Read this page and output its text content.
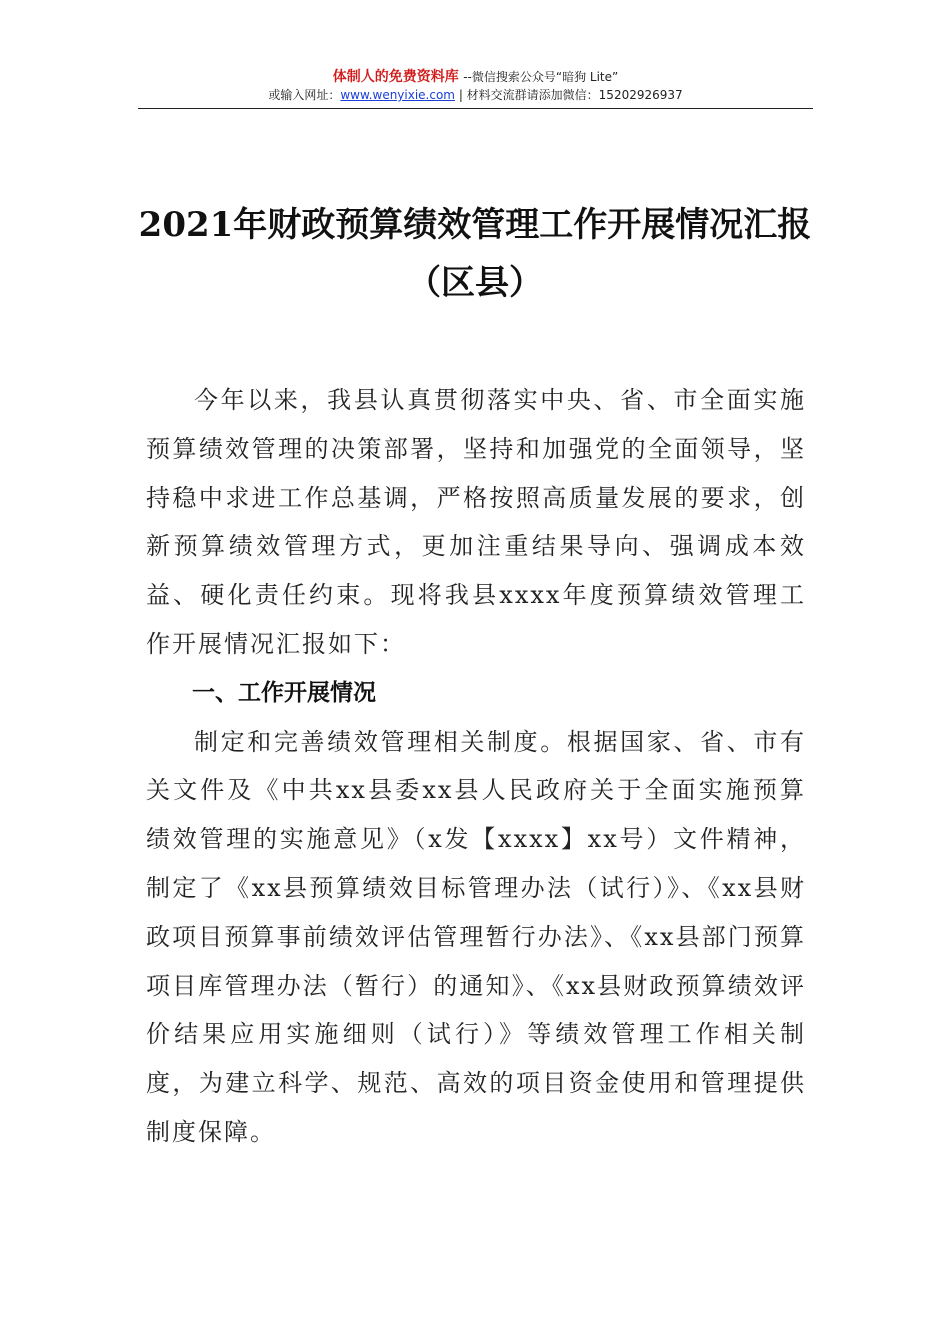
体制人的免费资料库 --微信搜索公众号“暗狗 Lite”
或输入网址：www.wenyixie.com | 材料交流群请添加微信：15202926937
2021年财政预算绩效管理工作开展情况汇报（区县）

今年以来，我县认真贯彻落实中央、省、市全面实施预算绩效管理的决策部署，坚持和加强党的全面领导，坚持稳中求进工作总基调，严格按照高质量发展的要求，创新预算绩效管理方式，更加注重结果导向、强调成本效益、硬化责任约束。现将我县xxxx年度预算绩效管理工作开展情况汇报如下：

一、工作开展情况

制定和完善绩效管理相关制度。根据国家、省、市有关文件及《中共xx县委xx县人民政府关于全面实施预算绩效管理的实施意见》（x发【xxxx】xx号）文件精神，制定了《xx县预算绩效目标管理办法（试行）》、《xx县财政项目预算事前绩效评估管理暂行办法》、《xx县部门预算项目库管理办法（暂行）的通知》、《xx县财政预算绩效评价结果应用实施细则（试行）》等绩效管理工作相关制度，为建立科学、规范、高效的项目资金使用和管理提供制度保障。
